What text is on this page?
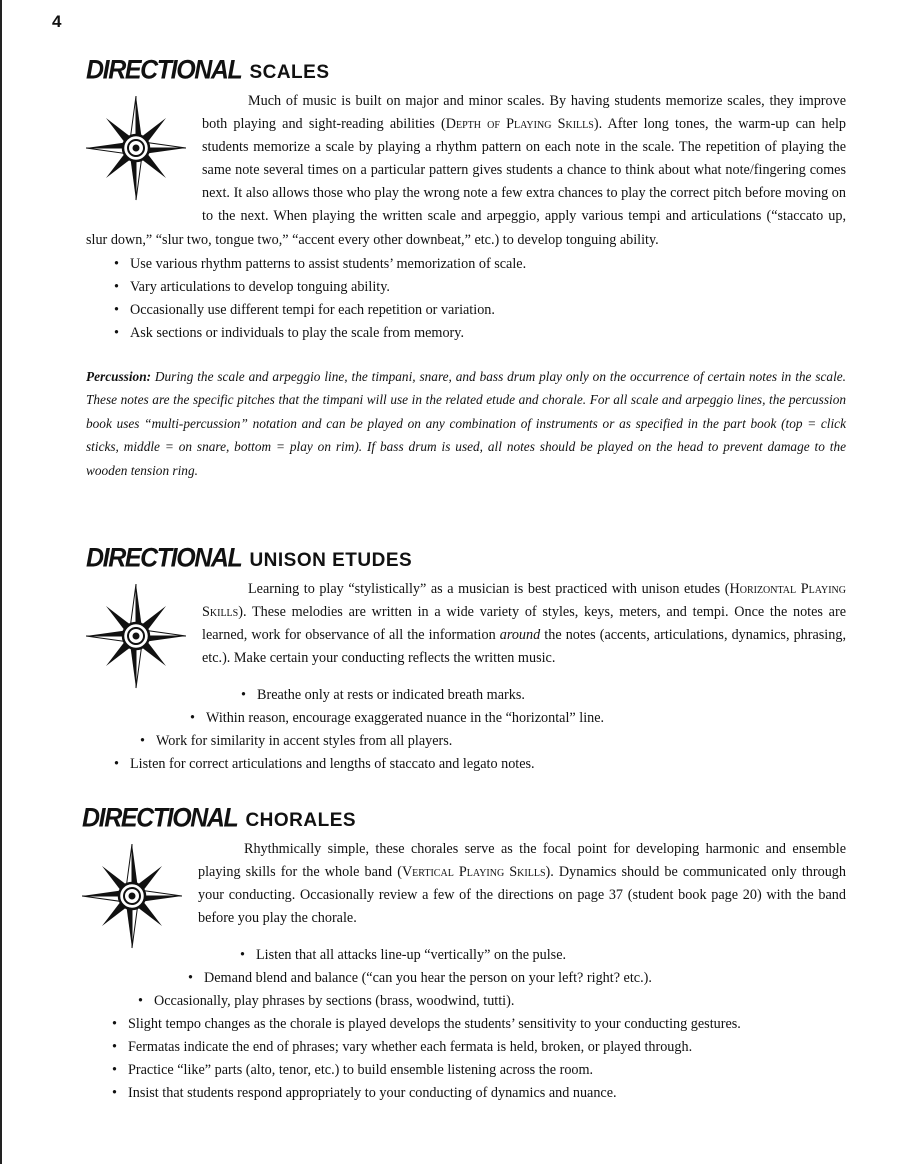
4
DIRECTIONAL SCALES

Much of music is built on major and minor scales. By having students memorize scales, they improve both playing and sight-reading abilities (Depth of Playing Skills). After long tones, the warm-up can help students memorize a scale by playing a rhythm pattern on each note in the scale. The repetition of playing the same note several times on a particular pattern gives students a chance to think about what note/fingering comes next. It also allows those who play the wrong note a few extra chances to play the correct pitch before moving on to the next. When playing the written scale and arpeggio, apply various tempi and articulations (“staccato up, slur down,” “slur two, tongue two,” “accent every other downbeat,” etc.) to develop tonguing ability.

• Use various rhythm patterns to assist students’ memorization of scale.
• Vary articulations to develop tonguing ability.
• Occasionally use different tempi for each repetition or variation.
• Ask sections or individuals to play the scale from memory.

Percussion: During the scale and arpeggio line, the timpani, snare, and bass drum play only on the occurrence of certain notes in the scale. These notes are the specific pitches that the timpani will use in the related etude and chorale. For all scale and arpeggio lines, the percussion book uses “multi-percussion” notation and can be played on any combination of instruments or as specified in the part book (top = click sticks, middle = on snare, bottom = play on rim). If bass drum is used, all notes should be played on the head to prevent damage to the wooden tension ring.

DIRECTIONAL UNISON ETUDES

Learning to play “stylistically” as a musician is best practiced with unison etudes (Horizontal Playing Skills). These melodies are written in a wide variety of styles, keys, meters, and tempi. Once the notes are learned, work for observance of all the information around the notes (accents, articulations, dynamics, phrasing, etc.). Make certain your conducting reflects the written music.

• Breathe only at rests or indicated breath marks.
• Within reason, encourage exaggerated nuance in the “horizontal” line.
• Work for similarity in accent styles from all players.
• Listen for correct articulations and lengths of staccato and legato notes.
DIRECTIONAL CHORALES

Rhythmically simple, these chorales serve as the focal point for developing harmonic and ensemble playing skills for the whole band (Vertical Playing Skills). Dynamics should be communicated only through your conducting. Occasionally review a few of the directions on page 37 (student book page 20) with the band before you play the chorale.

• Listen that all attacks line-up “vertically” on the pulse.
• Demand blend and balance (“can you hear the person on your left? right? etc.).
• Occasionally, play phrases by sections (brass, woodwind, tutti).
• Slight tempo changes as the chorale is played develops the students’ sensitivity to your conducting gestures.
• Fermatas indicate the end of phrases; vary whether each fermata is held, broken, or played through.
• Practice “like” parts (alto, tenor, etc.) to build ensemble listening across the room.
• Insist that students respond appropriately to your conducting of dynamics and nuance.
